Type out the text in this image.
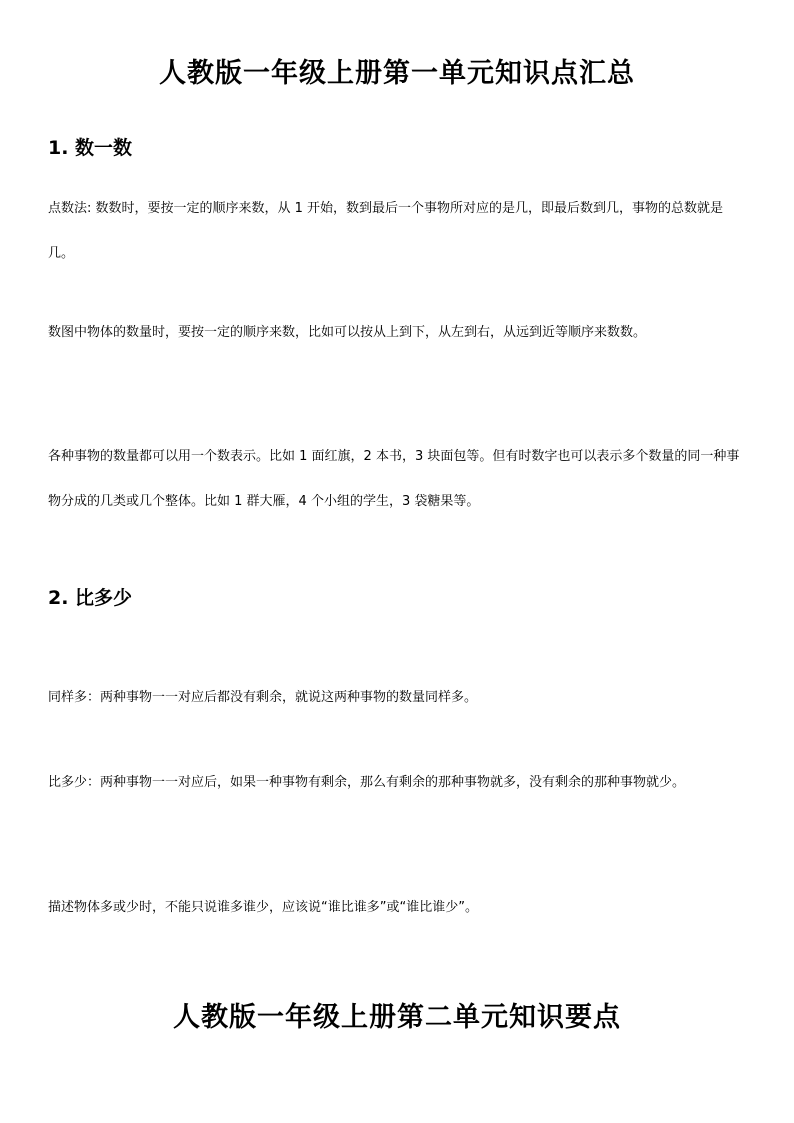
人教版一年级上册第一单元知识点汇总
1. 数一数

点数法: 数数时，要按一定的顺序来数，从 1 开始，数到最后一个事物所对应的是几，即最后数到几，事物的总数就是几。

数图中物体的数量时，要按一定的顺序来数，比如可以按从上到下，从左到右，从远到近等顺序来数数。

各种事物的数量都可以用一个数表示。比如 1 面红旗，2 本书，3 块面包等。但有时数字也可以表示多个数量的同一种事物分成的几类或几个整体。比如 1 群大雁，4 个小组的学生，3 袋糖果等。

2. 比多少

同样多：两种事物一一对应后都没有剩余，就说这两种事物的数量同样多。

比多少：两种事物一一对应后，如果一种事物有剩余，那么有剩余的那种事物就多，没有剩余的那种事物就少。

描述物体多或少时，不能只说谁多谁少，应该说“谁比谁多”或“谁比谁少”。

人教版一年级上册第二单元知识要点
